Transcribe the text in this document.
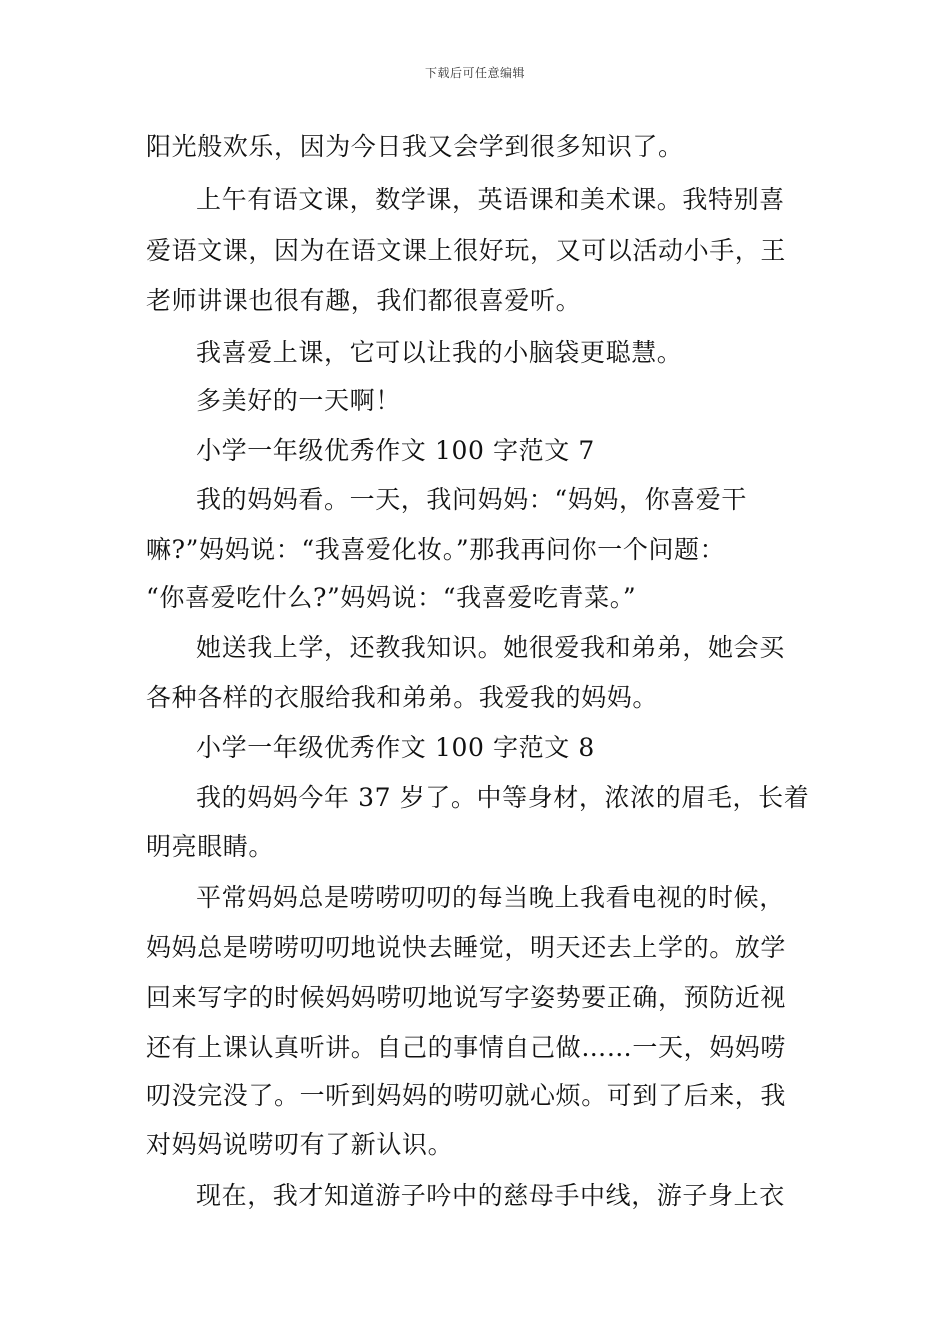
下载后可任意编辑
阳光般欢乐，因为今日我又会学到很多知识了。
上午有语文课，数学课，英语课和美术课。我特别喜
爱语文课，因为在语文课上很好玩，又可以活动小手，王
老师讲课也很有趣，我们都很喜爱听。
我喜爱上课，它可以让我的小脑袋更聪慧。
多美好的一天啊！
小学一年级优秀作文 100 字范文 7
我的妈妈看。一天，我问妈妈：“妈妈，你喜爱干
嘛?”妈妈说：“我喜爱化妆。”那我再问你一个问题：
“你喜爱吃什么?”妈妈说：“我喜爱吃青菜。”
她送我上学，还教我知识。她很爱我和弟弟，她会买
各种各样的衣服给我和弟弟。我爱我的妈妈。
小学一年级优秀作文 100 字范文 8
我的妈妈今年 37 岁了。中等身材，浓浓的眉毛，长着
明亮眼睛。
平常妈妈总是唠唠叨叨的每当晚上我看电视的时候，
妈妈总是唠唠叨叨地说快去睡觉，明天还去上学的。放学
回来写字的时候妈妈唠叨地说写字姿势要正确，预防近视
还有上课认真听讲。自己的事情自己做……一天，妈妈唠
叨没完没了。一听到妈妈的唠叨就心烦。可到了后来，我
对妈妈说唠叨有了新认识。
现在，我才知道游子吟中的慈母手中线，游子身上衣
